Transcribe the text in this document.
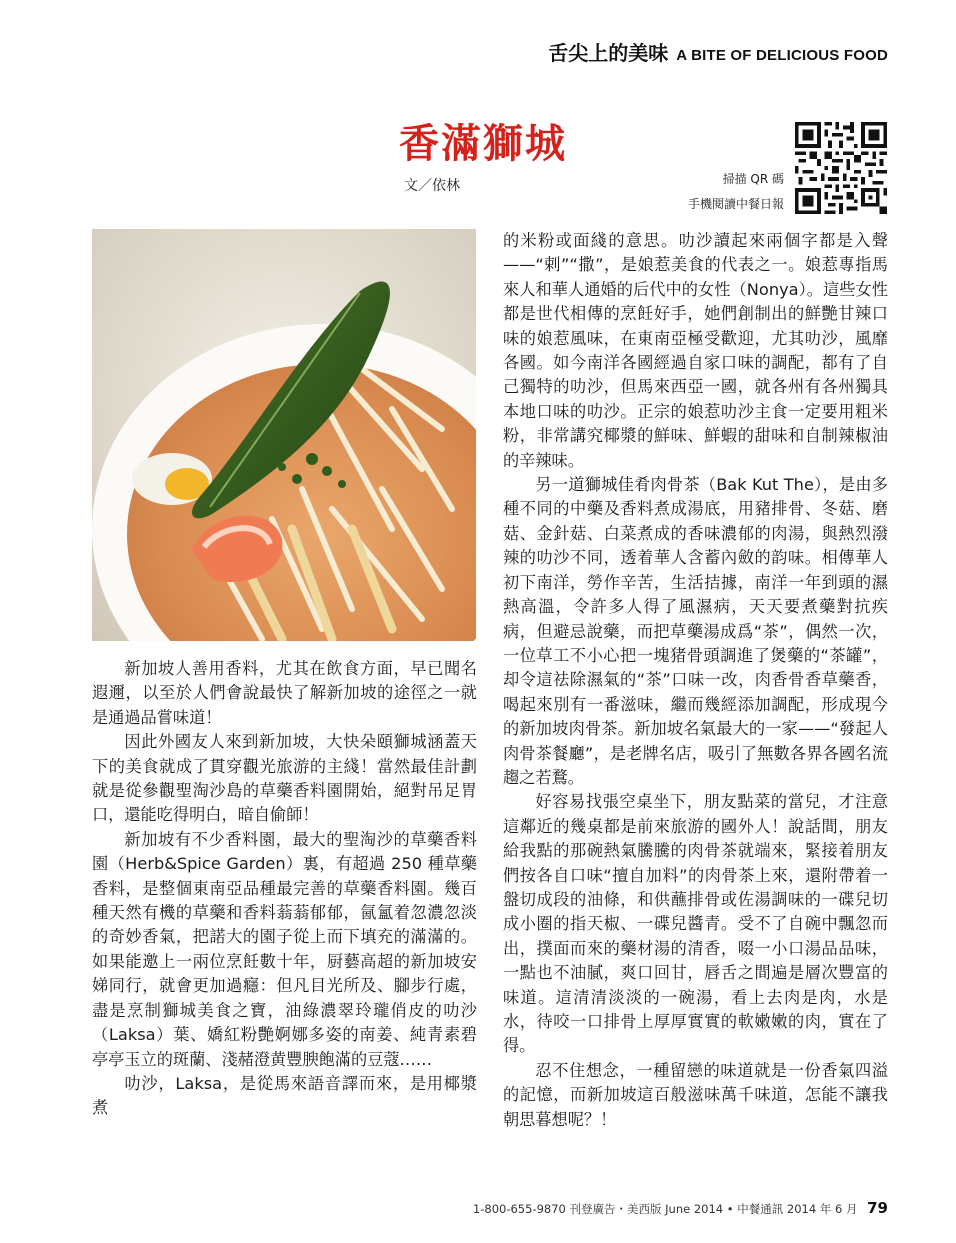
舌尖上的美味 A BITE OF DELICIOUS FOOD
香滿獅城
文／依林	掃描 QR 碼
手機閱讀中餐日報

新加坡人善用香料，尤其在飲食方面，早已聞名遐邇，以至於人們會說最快了解新加坡的途徑之一就是通過品嘗味道！

因此外國友人來到新加坡，大快朵頤獅城涵蓋天下的美食就成了貫穿觀光旅游的主綫！當然最佳計劃就是從參觀聖淘沙島的草藥香料園開始，絕對吊足胃口，還能吃得明白，暗自偷師！

新加坡有不少香料園，最大的聖淘沙的草藥香料園（Herb&Spice Garden）裏，有超過 250 種草藥香料，是整個東南亞品種最完善的草藥香料園。幾百種天然有機的草藥和香料蓊蓊郁郁，氤氳着忽濃忽淡的奇妙香氣，把諾大的園子從上而下填充的滿滿的。如果能邀上一兩位烹飪數十年，厨藝高超的新加坡安娣同行，就會更加過癮：但凡目光所及、腳步行處，盡是烹制獅城美食之寶，油綠濃翠玲瓏俏皮的叻沙（Laksa）葉、嬌紅粉艷婀娜多姿的南姜、純青素碧亭亭玉立的斑蘭、淺赭澄黄豐腴飽滿的豆蔻……

叻沙，Laksa，是從馬來語音譯而來，是用椰漿煮

的米粉或面綫的意思。叻沙讀起來兩個字都是入聲——“剌”“撒”，是娘惹美食的代表之一。娘惹專指馬來人和華人通婚的后代中的女性（Nonya）。這些女性都是世代相傳的烹飪好手，她們創制出的鮮艷甘辣口味的娘惹風味，在東南亞極受歡迎，尤其叻沙，風靡各國。如今南洋各國經過自家口味的調配，都有了自己獨特的叻沙，但馬來西亞一國，就各州有各州獨具本地口味的叻沙。正宗的娘惹叻沙主食一定要用粗米粉，非常講究椰漿的鮮味、鮮蝦的甜味和自制辣椒油的辛辣味。

另一道獅城佳肴肉骨茶（Bak Kut The），是由多種不同的中藥及香料煮成湯底，用豬排骨、冬菇、磨菇、金針菇、白菜煮成的香味濃郁的肉湯，與熱烈潑辣的叻沙不同，透着華人含蓄內斂的韵味。相傳華人初下南洋，勞作辛苦，生活拮據，南洋一年到頭的濕熱高溫，令許多人得了風濕病，天天要煮藥對抗疾病，但避忌說藥，而把草藥湯成爲“茶”，偶然一次，一位草工不小心把一塊猪骨頭調進了煲藥的“茶罐”，却令這祛除濕氣的“茶”口味一改，肉香骨香草藥香，喝起來別有一番滋味，繼而幾經添加調配，形成現今的新加坡肉骨茶。新加坡名氣最大的一家——“發起人肉骨茶餐廳”，是老牌名店，吸引了無數各界各國名流趨之若鶩。

好容易找張空桌坐下，朋友點菜的當兒，才注意這鄰近的幾桌都是前來旅游的國外人！說話間，朋友給我點的那碗熱氣騰騰的肉骨茶就端來，緊接着朋友們按各自口味“擅自加料”的肉骨茶上來，還附帶着一盤切成段的油條，和供蘸排骨或佐湯調味的一碟兒切成小圈的指天椒、一碟兒醬青。受不了自碗中飄忽而出，撲面而來的藥材湯的清香，啜一小口湯品品味，一點也不油膩，爽口回甘，唇舌之間遍是層次豐富的味道。這清清淡淡的一碗湯，看上去肉是肉，水是水，待咬一口排骨上厚厚實實的軟嫩嫩的肉，實在了得。

忍不住想念，一種留戀的味道就是一份香氣四溢的記憶，而新加坡這百般滋味萬千味道，怎能不讓我朝思暮想呢？！

1-800-655-9870 刊登廣告・美西版 June 2014 • 中餐通訊 2014 年 6 月 79
